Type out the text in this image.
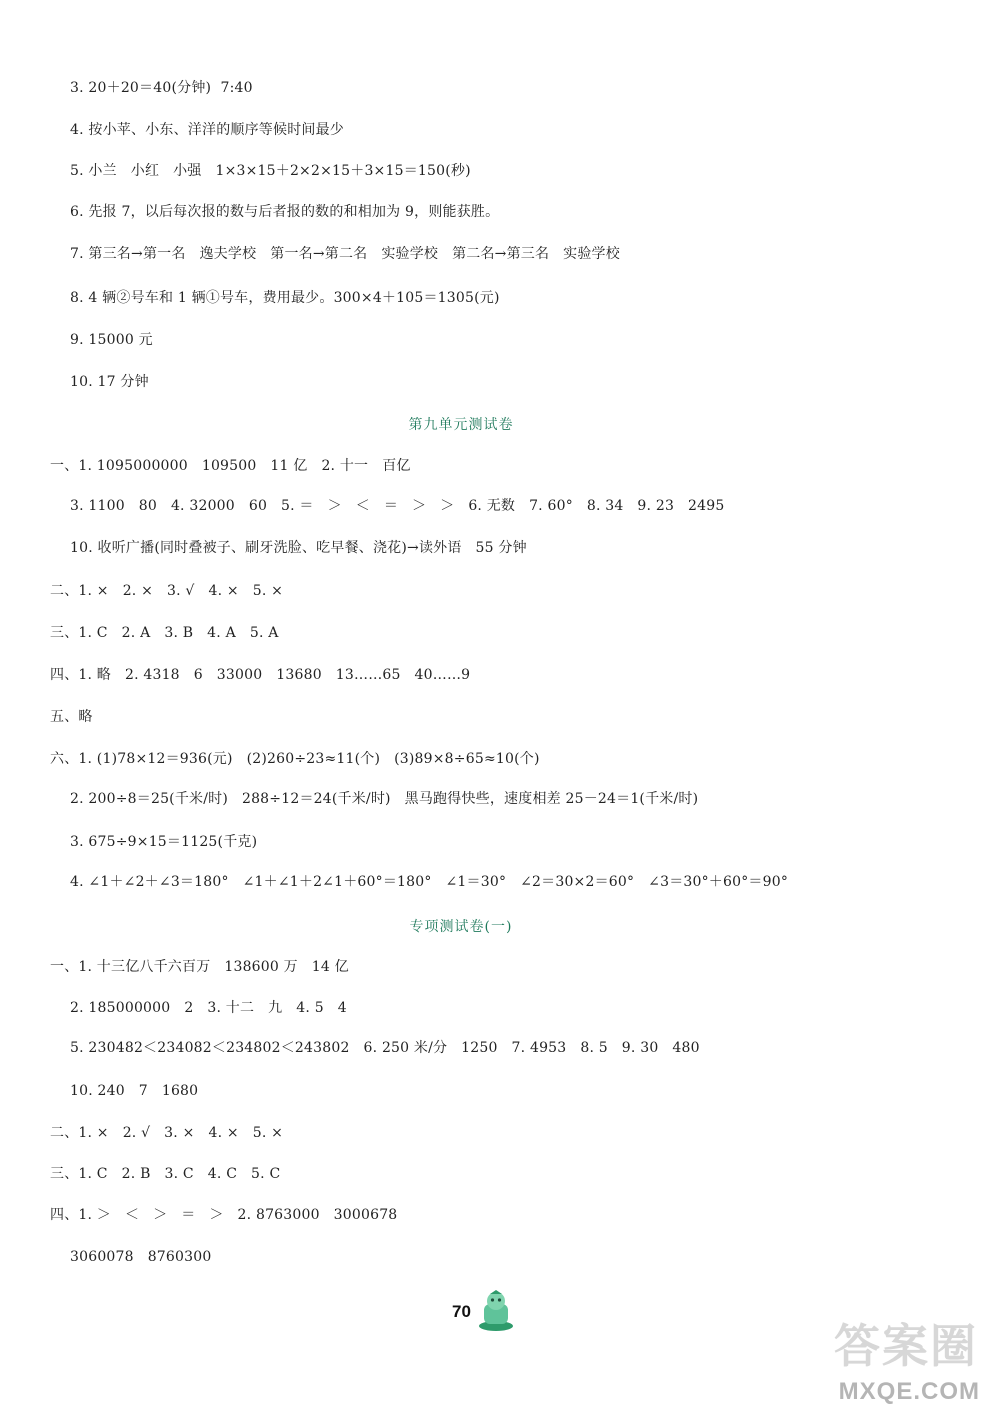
3. 20＋20＝40(分钟)  7:40
4. 按小苹、小东、洋洋的顺序等候时间最少
5. 小兰   小红   小强   1×3×15＋2×2×15＋3×15＝150(秒)
6. 先报 7，以后每次报的数与后者报的数的和相加为 9，则能获胜。
7. 第三名→第一名   逸夫学校   第一名→第二名   实验学校   第二名→第三名   实验学校
8. 4 辆②号车和 1 辆①号车，费用最少。300×4＋105＝1305(元)
9. 15000 元
10. 17 分钟
第九单元测试卷
一、1. 1095000000   109500   11 亿   2. 十一   百亿
3. 1100   80   4. 32000   60   5. ＝   ＞   ＜   ＝   ＞   ＞   6. 无数   7. 60°   8. 34   9. 23   2495
10. 收听广播(同时叠被子、刷牙洗脸、吃早餐、浇花)→读外语   55 分钟
二、1. ×   2. ×   3. √   4. ×   5. ×
三、1. C   2. A   3. B   4. A   5. A
四、1. 略   2. 4318   6   33000   13680   13……65   40……9
五、略
六、1. (1)78×12＝936(元)   (2)260÷23≈11(个)   (3)89×8÷65≈10(个)
2. 200÷8＝25(千米/时)   288÷12＝24(千米/时)   黑马跑得快些，速度相差 25－24＝1(千米/时)
3. 675÷9×15＝1125(千克)
4. ∠1＋∠2＋∠3＝180°   ∠1＋∠1＋2∠1＋60°＝180°   ∠1＝30°   ∠2＝30×2＝60°   ∠3＝30°＋60°＝90°
专项测试卷(一)
一、1. 十三亿八千六百万   138600 万   14 亿
2. 185000000   2   3. 十二   九   4. 5   4
5. 230482＜234082＜234802＜243802   6. 250 米/分   1250   7. 4953   8. 5   9. 30   480
10. 240   7   1680
二、1. ×   2. √   3. ×   4. ×   5. ×
三、1. C   2. B   3. C   4. C   5. C
四、1. ＞   ＜   ＞   ＝   ＞   2. 8763000   3000678
3060078   8760300
70
答案圈
MXQE.COM
